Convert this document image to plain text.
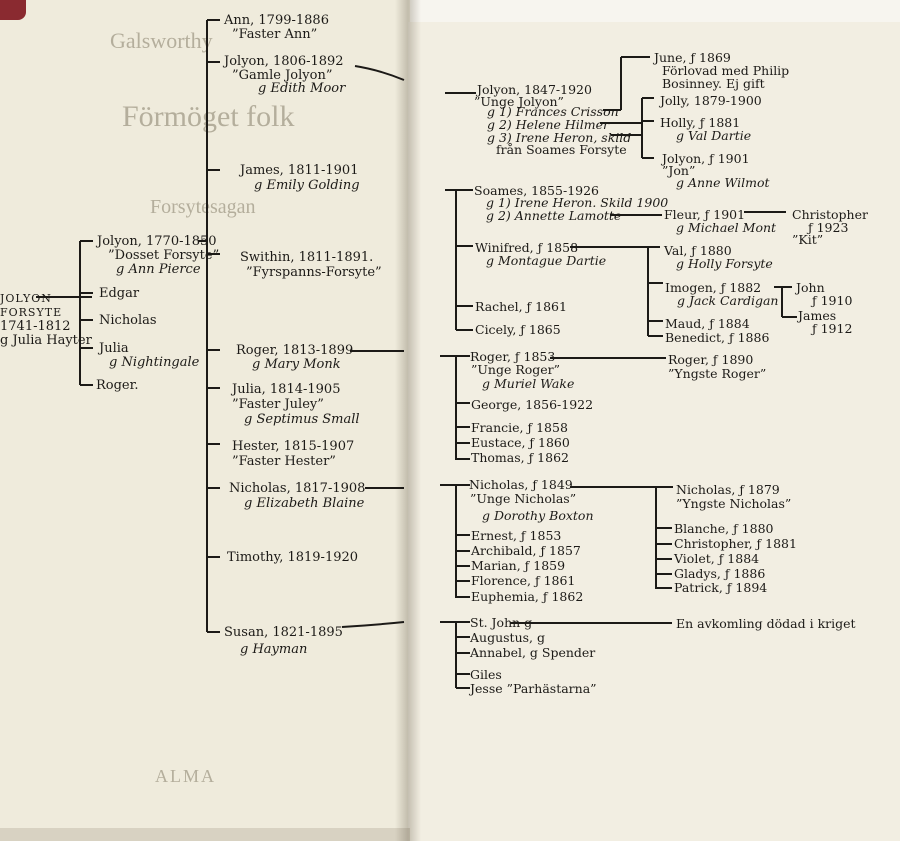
Galsworthy
Förmöget folk
Forsytesagan
ALMA
JOLYON
FORSYTE
1741-1812
g Julia Hayter
Jolyon, 1770-1850
”Dosset Forsyte”
g Ann Pierce
Edgar
Nicholas
Julia
g Nightingale
Roger.
Ann, 1799-1886
”Faster Ann”
Jolyon, 1806-1892
”Gamle Jolyon”
g Edith Moor
James, 1811-1901
g Emily Golding
Swithin, 1811-1891.
”Fyrspanns-Forsyte”
Roger, 1813-1899
g Mary Monk
Julia, 1814-1905
”Faster Juley”
g Septimus Small
Hester, 1815-1907
”Faster Hester”
Nicholas, 1817-1908
g Elizabeth Blaine
Timothy, 1819-1920
Susan, 1821-1895
g Hayman
Jolyon, 1847-1920
”Unge Jolyon”
g 1) Frances Crisson
g 2) Helene Hilmer
g 3) Irene Heron, skild
från Soames Forsyte
June, ƒ 1869
Förlovad med Philip
Bosinney. Ej gift
Jolly, 1879-1900
Holly, ƒ 1881
g Val Dartie
Jolyon, ƒ 1901
”Jon”
g Anne Wilmot
Soames, 1855-1926
g 1) Irene Heron. Skild 1900
g 2) Annette Lamotte	Fleur, ƒ 1901
g Michael Mont
Christopher
ƒ 1923
”Kit”
Winifred, ƒ 1858
g Montague Dartie
Val, ƒ 1880
g Holly Forsyte
Imogen, ƒ 1882
g Jack Cardigan
John
ƒ 1910
James
ƒ 1912
Maud, ƒ 1884
Benedict, ƒ 1886
Rachel, ƒ 1861
Cicely, ƒ 1865
Roger, ƒ 1853
”Unge Roger”
g Muriel Wake
Roger, ƒ 1890
”Yngste Roger”
George, 1856-1922
Francie, ƒ 1858
Eustace, ƒ 1860
Thomas, ƒ 1862
Nicholas, ƒ 1849
”Unge Nicholas”
g Dorothy Boxton
Nicholas, ƒ 1879
”Yngste Nicholas”
Blanche, ƒ 1880
Christopher, ƒ 1881
Violet, ƒ 1884
Gladys, ƒ 1886
Patrick, ƒ 1894
Ernest, ƒ 1853
Archibald, ƒ 1857
Marian, ƒ 1859
Florence, ƒ 1861
Euphemia, ƒ 1862
St. John g
Augustus, g
Annabel, g Spender
Giles
Jesse ”Parhästarna”
En avkomling dödad i kriget
